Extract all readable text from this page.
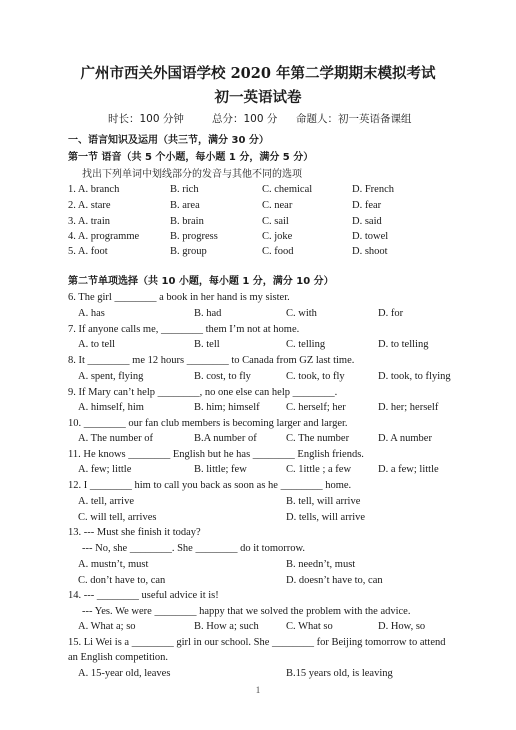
广州市西关外国语学校 2020 年第二学期期末模拟考试
初一英语试卷
时长：100 分钟	总分：100 分 命题人：初一英语备课组
一、语言知识及运用（共三节，满分 30 分）
第一节 语音（共 5 个小题，每小题 1 分，满分 5 分）
找出下列单词中划线部分的发音与其他不同的选项
1. A. branch	B. rich	C. chemical	D. French
2. A. stare	B. area	C. near	D. fear
3. A. train	B. brain	C. sail	D. said
4. A. programme	B. progress	C. joke	D. towel
5. A. foot	B. group	C. food	D. shoot
第二节单项选择（共 10 小题，每小题 1 分，满分 10 分）
6. The girl ________ a book in her hand is my sister.
A. has	B. had	C. with	D. for
7. If anyone calls me, ________ them I’m not at home.
A. to tell	B. tell	C. telling	D. to telling
8. It ________ me 12 hours ________ to Canada from GZ last time.
A. spent, flying	B. cost, to fly	C. took, to fly	D. took, to flying
9. If Mary can’t help ________, no one else can help ________.
A. himself, him	B. him; himself	C. herself; her	D. her; herself
10. ________ our fan club members is becoming larger and larger.
A. The number of	B.A number of	C. The number	D. A number
11. He knows ________ English but he has ________ English friends.
A. few; little	B. little; few	C. 1ittle ; a few	D. a few; little
12. I ________ him to call you back as soon as he ________ home.
A. tell, arrive	B. tell, will arrive
C. will tell, arrives	D. tells, will arrive
13. --- Must she finish it today?
--- No, she ________. She ________ do it tomorrow.
A. mustn’t, must	B. needn’t, must
C. don’t have to, can	D. doesn’t have to, can
14. --- ________ useful advice it is!
--- Yes. We were ________ happy that we solved the problem with the advice.
A. What a; so	B. How a; such	C. What so	D. How, so
15. Li Wei is a ________ girl in our school. She ________ for Beijing tomorrow to attend
an English competition.
A. 15-year old, leaves	B.15 years old, is leaving
1
